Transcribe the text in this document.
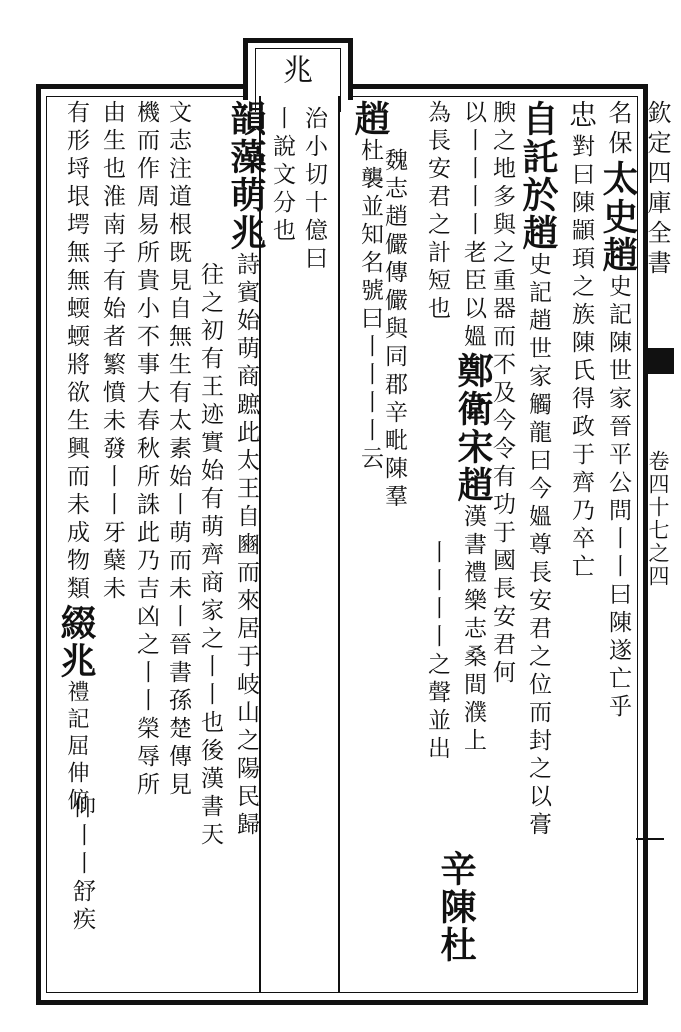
欽定四庫全書
卷四十七之四
兆
名保太史趙史記陳世家晉平公問丨丨曰陳遂亡乎
忠對曰陳顓頊之族陳氏得政于齊乃卒亡
自託於趙史記趙世家觸龍曰今媼尊長安君之位而封之以膏
腴之地多與之重器而不及今令有功于國長安君何
以丨丨丨丨老臣以媼鄭衛宋趙漢書禮樂志桑間濮上
為長安君之計短也
魏志趙儼傳儼與同郡辛毗陳羣
趙杜襲並知名號曰丨丨丨丨云
治小切十億曰
丨說文分也
韻藻萌兆詩賓始萌商蹠此太王自豳而來居于岐山之陽民歸
往之初有王迹實始有萌齊商家之丨丨也後漢書天
文志注道根既見自無生有太素始丨萌而未丨晉書孫楚傳見
機而作周易所貴小不事大春秋所誅此乃吉凶之丨丨榮辱所
由生也淮南子有始者繁憤未發丨丨牙蘖未
有形埒垠堮無無蝡蝡將欲生興而未成物類綴兆禮記屈伸俯
仰丨丨舒疾
丨丨丨丨之聲並出
辛陳杜
